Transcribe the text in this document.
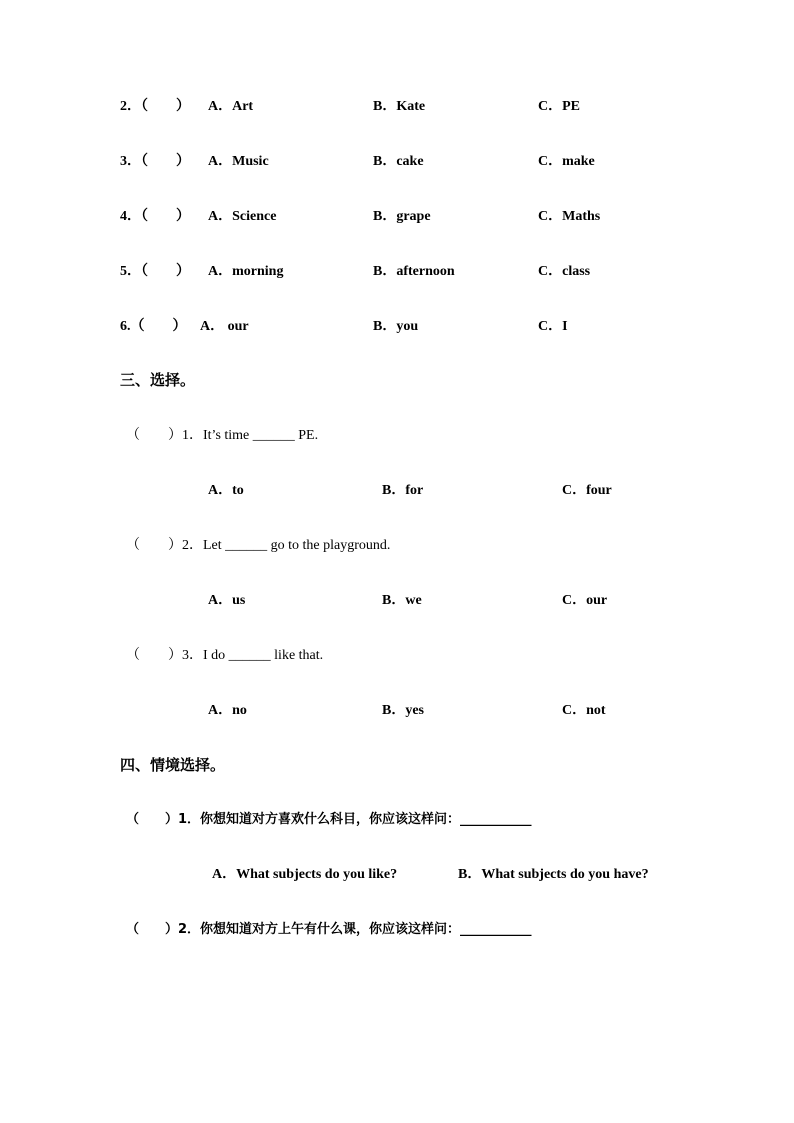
2．（　　） A．Art	B．Kate	C．PE
3．（　　） A．Music	B．cake	C．make
4．（　　） A．Science	B．grape	C．Maths
5．（　　） A．morning	B．afternoon	C．class
6.（　　） A． our	B．you	C．I
三、选择。
（　　）1．It’s time ______ PE.
A．to	B．for	C．four
（　　）2．Let ______ go to the playground.
A．us	B．we	C．our
（　　）3．I do ______ like that.
A．no	B．yes	C．not
四、情境选择。
（　　）1．你想知道对方喜欢什么科目，你应该这样问：___________
A．What subjects do you like?	B．What subjects do you have?
（　　）2．你想知道对方上午有什么课，你应该这样问：___________
